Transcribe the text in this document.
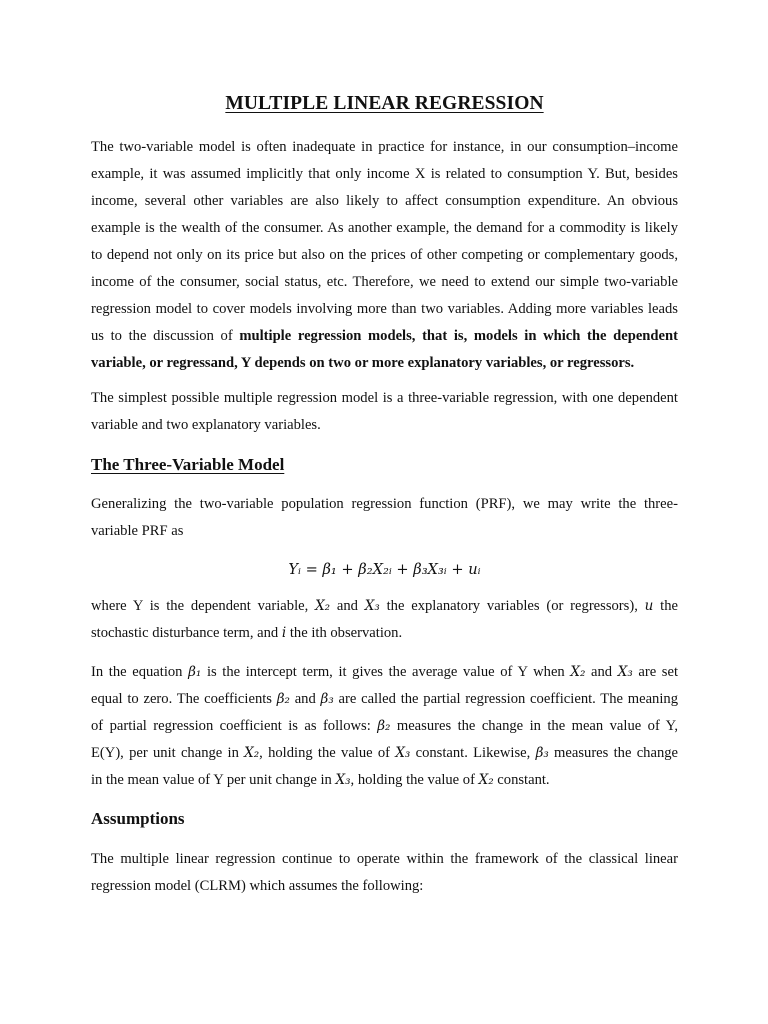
MULTIPLE LINEAR REGRESSION
The two-variable model is often inadequate in practice for instance, in our consumption–income
example, it was assumed implicitly that only income X is related to consumption Y. But, besides
income, several other variables are also likely to affect consumption expenditure. An obvious
example is the wealth of the consumer. As another example, the demand for a commodity is likely
to depend not only on its price but also on the prices of other competing or complementary goods,
income of the consumer, social status, etc. Therefore, we need to extend our simple two-variable
regression model to cover models involving more than two variables. Adding more variables leads
us to the discussion of multiple regression models, that is, models in which the dependent
variable, or regressand, Y depends on two or more explanatory variables, or regressors.
The simplest possible multiple regression model is a three-variable regression, with one dependent
variable and two explanatory variables.
The Three-Variable Model
Generalizing the two-variable population regression function (PRF), we may write the three-
variable PRF as
Yᵢ = β₁ + β₂X₂ᵢ + β₃X₃ᵢ + uᵢ
where Y is the dependent variable, X₂ and X₃ the explanatory variables (or regressors), u the
stochastic disturbance term, and i the ith observation.
In the equation β₁ is the intercept term, it gives the average value of Y when X₂ and X₃ are set
equal to zero. The coefficients β₂ and β₃ are called the partial regression coefficient. The meaning
of partial regression coefficient is as follows: β₂ measures the change in the mean value of Y,
E(Y), per unit change in X₂, holding the value of X₃ constant. Likewise, β₃ measures the change
in the mean value of Y per unit change in X₃, holding the value of X₂ constant.
Assumptions
The multiple linear regression continue to operate within the framework of the classical linear
regression model (CLRM) which assumes the following:
